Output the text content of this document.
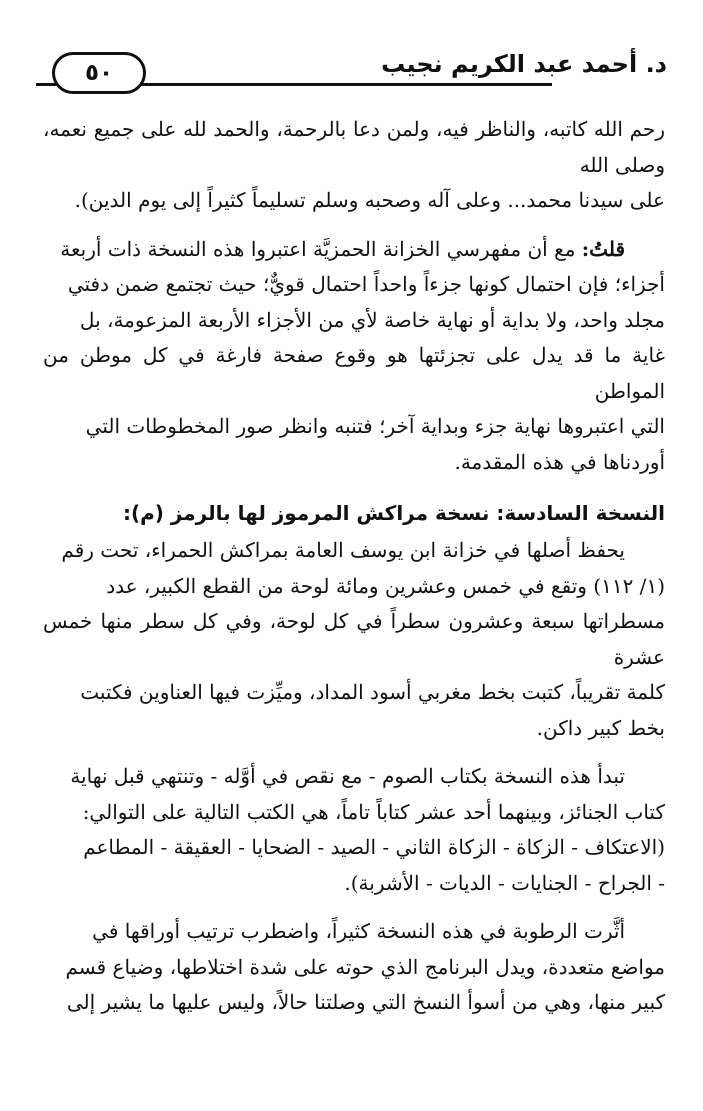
د. أحمد عبد الكريم نجيب
٥٠

رحم الله كاتبه، والناظر فيه، ولمن دعا بالرحمة، والحمد لله على جميع نعمه، وصلى الله

على سيدنا محمد... وعلى آله وصحبه وسلم تسليماً كثيراً إلى يوم الدين).

قلتُ: مع أن مفهرسي الخزانة الحمزيَّة اعتبروا هذه النسخة ذات أربعة

أجزاء؛ فإن احتمال كونها جزءاً واحداً احتمال قويٌّ؛ حيث تجتمع ضمن دفتي

مجلد واحد، ولا بداية أو نهاية خاصة لأي من الأجزاء الأربعة المزعومة، بل

غاية ما قد يدل على تجزئتها هو وقوع صفحة فارغة في كل موطن من المواطن

التي اعتبروها نهاية جزء وبداية آخر؛ فتنبه وانظر صور المخطوطات التي

أوردناها في هذه المقدمة.

النسخة السادسة: نسخة مراكش المرموز لها بالرمز (م):

يحفظ أصلها في خزانة ابن يوسف العامة بمراكش الحمراء، تحت رقم

(١/ ١١٢) وتقع في خمس وعشرين ومائة لوحة من القطع الكبير، عدد

مسطراتها سبعة وعشرون سطراً في كل لوحة، وفي كل سطر منها خمس عشرة

كلمة تقريباً، كتبت بخط مغربي أسود المداد، وميِّزت فيها العناوين فكتبت

بخط كبير داكن.

تبدأ هذه النسخة بكتاب الصوم - مع نقص في أوَّله - وتنتهي قبل نهاية

كتاب الجنائز، وبينهما أحد عشر كتاباً تاماً، هي الكتب التالية على التوالي:

(الاعتكاف - الزكاة - الزكاة الثاني - الصيد - الضحايا - العقيقة - المطاعم

- الجراح - الجنايات - الديات - الأشربة).

أثَّرت الرطوبة في هذه النسخة كثيراً، واضطرب ترتيب أوراقها في

مواضع متعددة، ويدل البرنامج الذي حوته على شدة اختلاطها، وضياع قسم

كبير منها، وهي من أسوأ النسخ التي وصلتنا حالاً، وليس عليها ما يشير إلى
